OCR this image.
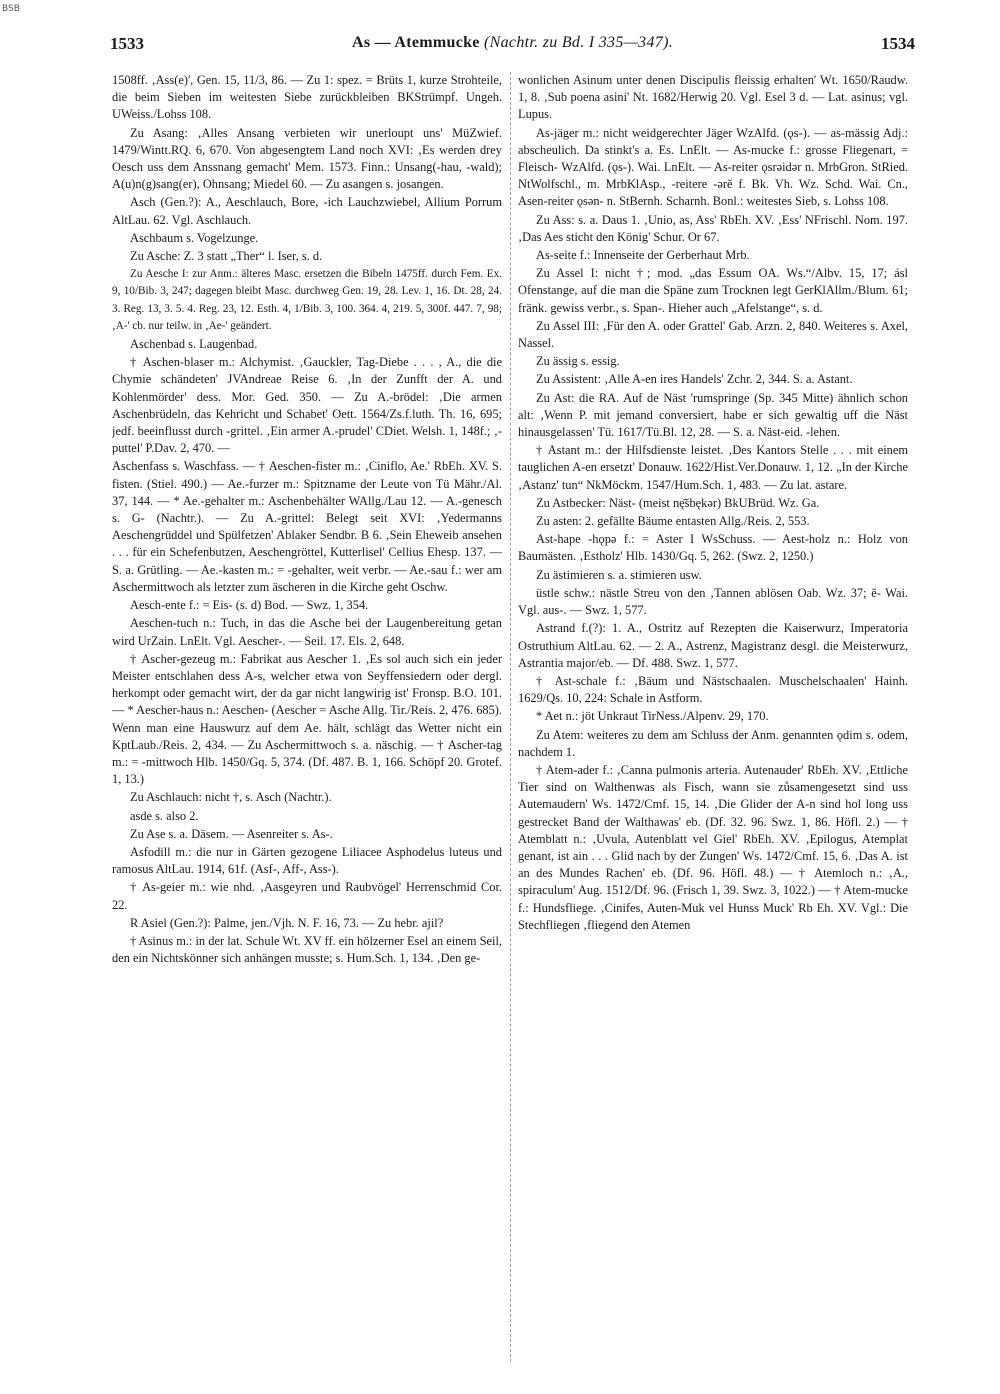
BSB
1533	As — Atemmucke (Nachtr. zu Bd. I 335—347).	1534

1508ff. ‚Ass(e)', Gen. 15, 11/3, 86. — Zu 1: spez. = Brüts 1, kurze Strohteile, die beim Sieben im weitesten Siebe zurückbleiben BKStrümpf. Ungeh. UWeiss./Lohss 108.

Zu Asang: ‚Alles Ansang verbieten wir unerloupt uns' MüZwief. 1479/Wintt.RQ. 6, 670. Von abgesengtem Land noch XVI: ‚Es werden drey Oesch uss dem Anssnang gemacht' Mem. 1573. Finn.: Unsang(-hau, -wald); A(u)n(g)sang(er), Ohnsang; Miedel 60. — Zu asangen s. josangen.

Asch (Gen.?): A., Aeschlauch, Bore, -ich Lauchzwiebel, Allium Porrum AltLau. 62. Vgl. Aschlauch.

Aschbaum s. Vogelzunge.

Zu Asche: Z. 3 statt „Ther“ l. Iser, s. d.

Zu Aesche I: zur Anm.: älteres Masc. ersetzen die Bibeln 1475ff. durch Fem. Ex. 9, 10/Bib. 3, 247; dagegen bleibt Masc. durchweg Gen. 19, 28. Lev. 1, 16. Dt. 28, 24. 3. Reg. 13, 3. 5. 4. Reg. 23, 12. Esth. 4, 1/Bib. 3, 100. 364. 4, 219. 5, 300f. 447. 7, 98; ‚A-' cb. nur teilw. in ‚Ae-' geändert.

Aschenbad s. Laugenbad.

† Aschen-blaser m.: Alchymist. ‚Gauckler, Tag-Diebe . . . , A., die die Chymie schändeten' JVAndreae Reise 6. ‚In der Zunfft der A. und Kohlenmörder' dess. Mor. Ged. 350. — Zu A.-brödel: ‚Die armen Aschenbrüdeln, das Kehricht und Schabet' Oett. 1564/Zs.f.luth. Th. 16, 695; jedf. beeinflusst durch -grittel. ‚Ein armer A.-prudel' CDiet. Welsh. 1, 148f.; ‚-puttel' P.Dav. 2, 470. —

Aschenfass s. Waschfass. — † Aeschen-fister m.: ‚Ciniflo, Ae.' RbEh. XV. S. fisten. (Stiel. 490.) — Ae.-furzer m.: Spitzname der Leute von Tü Mähr./Al. 37, 144. — * Ae.-gehalter m.: Aschenbehälter WAllg./Lau 12. — A.-genesch s. G- (Nachtr.). — Zu A.-grittel: Belegt seit XVI: ‚Yedermanns Aeschengrüddel und Spülfetzen' Ablaker Sendbr. B 6. ‚Sein Eheweib ansehen . . . für ein Schefenbutzen, Aeschengröttel, Kutterlisel' Cellius Ehesp. 137. — S. a. Grütling. — Ae.-kasten m.: = -gehalter, weit verbr. — Ae.-sau f.: wer am Aschermittwoch als letzter zum äscheren in die Kirche geht Oschw.

Aesch-ente f.: = Eis- (s. d) Bod. — Swz. 1, 354.

Aeschen-tuch n.: Tuch, in das die Asche bei der Laugenbereitung getan wird UrZain. LnElt. Vgl. Aescher-. — Seil. 17. Els. 2, 648.

† Ascher-gezeug m.: Fabrikat aus Aescher 1. ‚Es sol auch sich ein jeder Meister entschlahen dess A-s, welcher etwa von Seyffensiedern oder dergl. herkompt oder gemacht wirt, der da gar nicht langwirig ist' Fronsp. B.O. 101. — * Aescher-haus n.: Aeschen- (Aescher = Asche Allg. Tir./Reis. 2, 476. 685). Wenn man eine Hauswurz auf dem Ae. hält, schlägt das Wetter nicht ein KptLaub./Reis. 2, 434. — Zu Aschermittwoch s. a. näschig. — † Ascher-tag m.: = -mittwoch Hlb. 1450/Gq. 5, 374. (Df. 487. B. 1, 166. Schöpf 20. Grotef. 1, 13.)

Zu Aschlauch: nicht †, s. Asch (Nachtr.).

asde s. also 2.

Zu Ase s. a. Däsem. — Asenreiter s. As-.

Asfodill m.: die nur in Gärten gezogene Liliacee Asphodelus luteus und ramosus AltLau. 1914, 61f. (Asf-, Aff-, Ass-).

† As-geier m.: wie nhd. ‚Aasgeyren und Raubvögel' Herrenschmid Cor. 22.

R Asiel (Gen.?): Palme, jen./Vjh. N. F. 16, 73. — Zu hebr. ajil?

† Asinus m.: in der lat. Schule Wt. XV ff. ein hölzerner Esel an einem Seil, den ein Nichtskönner sich anhängen musste; s. Hum.Sch. 1, 134. ‚Den ge-

wonlichen Asinum unter denen Discipulis fleissig erhalten' Wt. 1650/Raudw. 1, 8. ‚Sub poena asini' Nt. 1682/Herwig 20. Vgl. Esel 3 d. — Lat. asinus; vgl. Lupus.

As-jäger m.: nicht weidgerechter Jäger WzAlfd. (ǫs-). — as-mässig Adj.: abscheulich. Da stinkt's a. Es. LnElt. — As-mucke f.: grosse Fliegenart, = Fleisch- WzAlfd. (ǫs-). Wai. LnElt. — As-reiter ǫsrəidər n. MrbGron. StRied. NtWolfschl., m. MrbKlAsp., -reitere -ərẽ f. Bk. Vh. Wz. Schd. Wai. Cn., Asen-reiter ǫsən- n. StBernh. Scharnh. Bonl.: weitestes Sieb, s. Lohss 108.

Zu Ass: s. a. Daus 1. ‚Unio, as, Ass' RbEh. XV. ‚Ess' NFrischl. Nom. 197. ‚Das Aes sticht den König' Schur. Or 67.

As-seite f.: Innenseite der Gerberhaut Mrb.

Zu Assel I: nicht †; mod. „das Essum OA. Ws.“/Albv. 15, 17; ásl Ofenstange, auf die man die Späne zum Trocknen legt GerKlAllm./Blum. 61; fränk. gewiss verbr., s. Span-. Hieher auch „Afelstange“, s. d.

Zu Assel III: ‚Für den A. oder Grattel' Gab. Arzn. 2, 840. Weiteres s. Axel, Nassel.

Zu ässig s. essig.

Zu Assistent: ‚Alle A-en ires Handels' Zchr. 2, 344. S. a. Astant.

Zu Ast: die RA. Auf de Näst 'rumspringe (Sp. 345 Mitte) ähnlich schon alt: ‚Wenn P. mit jemand conversiert, habe er sich gewaltig uff die Näst hinausgelassen' Tü. 1617/Tü.Bl. 12, 28. — S. a. Näst-eid. -lehen.

† Astant m.: der Hilfsdienste leistet. ‚Des Kantors Stelle . . . mit einem tauglichen A-en ersetzt' Donauw. 1622/Hist.Ver.Donauw. 1, 12. „In der Kirche ‚Astanz' tun“ NkMöckm. 1547/Hum.Sch. 1, 483. — Zu lat. astare.

Zu Astbecker: Näst- (meist nę̄šbękər) BkUBrüd. Wz. Ga.

Zu asten: 2. gefällte Bäume entasten Allg./Reis. 2, 553.

Ast-hape -hǫpə f.: = Aster I WsSchuss. — Aest-holz n.: Holz von Baumästen. ‚Estholz' Hlb. 1430/Gq. 5, 262. (Swz. 2, 1250.)

Zu ästimieren s. a. stimieren usw.

üstle schw.: nästle Streu von den ‚Tannen ablösen Oab. Wz. 37; ẽ- Wai. Vgl. aus-. — Swz. 1, 577.

Astrand f.(?): 1. A., Ostritz auf Rezepten die Kaiserwurz, Imperatoria Ostruthium AltLau. 62. — 2. A., Astrenz, Magistranz desgl. die Meisterwurz, Astrantia major/eb. — Df. 488. Swz. 1, 577.

† Ast-schale f.: ‚Bäum und Nästschaalen. Muschelschaalen' Hainh. 1629/Qs. 10, 224: Schale in Astform.

* Aet n.: jöt Unkraut TirNess./Alpenv. 29, 170.

Zu Atem: weiteres zu dem am Schluss der Anm. genannten ǫdim s. odem, nachdem 1.

† Atem-ader f.: ‚Canna pulmonis arteria. Autenauder' RbEh. XV. ‚Ettliche Tier sind on Walthenwas als Fisch, wann sie zůsamengesetzt sind uss Autemaudern' Ws. 1472/Cmf. 15, 14. ‚Die Glider der A-n sind hol long uss gestrecket Band der Walthawas' eb. (Df. 32. 96. Swz. 1, 86. Höfl. 2.) — † Atemblatt n.: ‚Uvula, Autenblatt vel Giel' RbEh. XV. ‚Epilogus, Atemplat genant, ist ain . . . Glid nach by der Zungen' Ws. 1472/Cmf. 15, 6. ‚Das A. ist an des Mundes Rachen' eb. (Df. 96. Höfl. 48.) — † Atemloch n.: ‚A., spiraculum' Aug. 1512/Df. 96. (Frisch 1, 39. Swz. 3, 1022.) — † Atem-mucke f.: Hundsfliege. ‚Cinifes, Auten-Muk vel Hunss Muck' Rb Eh. XV. Vgl.: Die Stechfliegen ‚fliegend den Atemen
